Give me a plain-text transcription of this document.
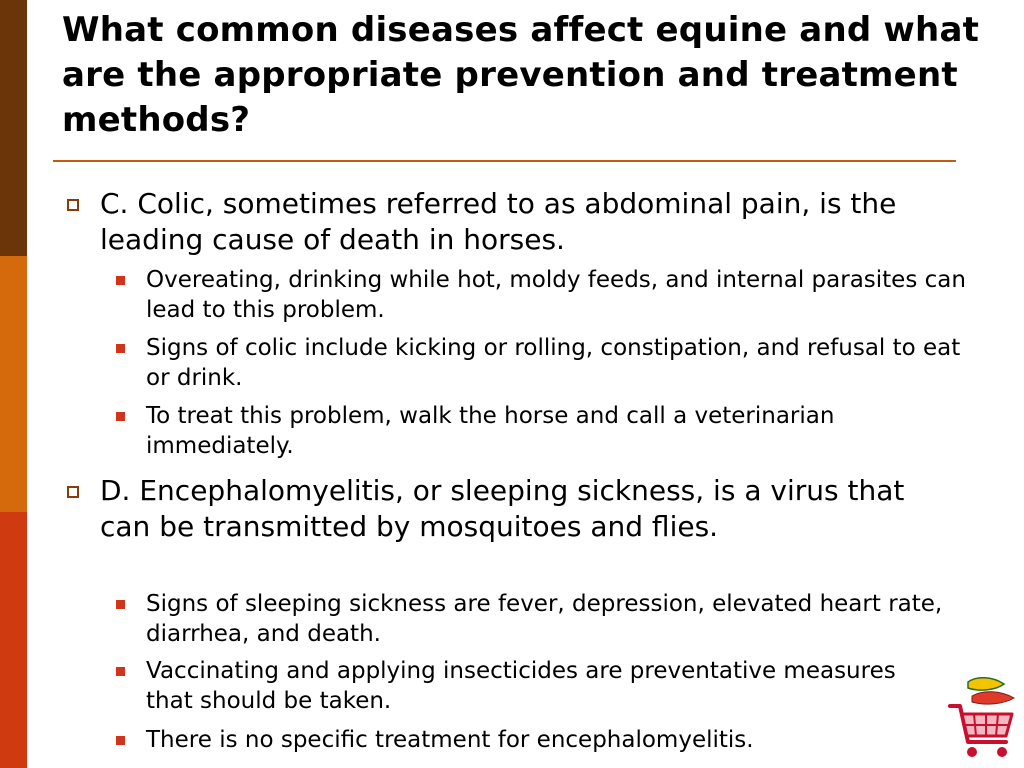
What common diseases affect equine and what are the appropriate prevention and treatment methods?
C. Colic, sometimes referred to as abdominal pain, is the leading cause of death in horses.
Overeating, drinking while hot, moldy feeds, and internal parasites can lead to this problem.
Signs of colic include kicking or rolling, constipation, and refusal to eat or drink.
To treat this problem, walk the horse and call a veterinarian immediately.
D. Encephalomyelitis, or sleeping sickness, is a virus that can be transmitted by mosquitoes and flies.
Signs of sleeping sickness are fever, depression, elevated heart rate, diarrhea, and death.
Vaccinating and applying insecticides are preventative measures that should be taken.
There is no specific treatment for encephalomyelitis.
